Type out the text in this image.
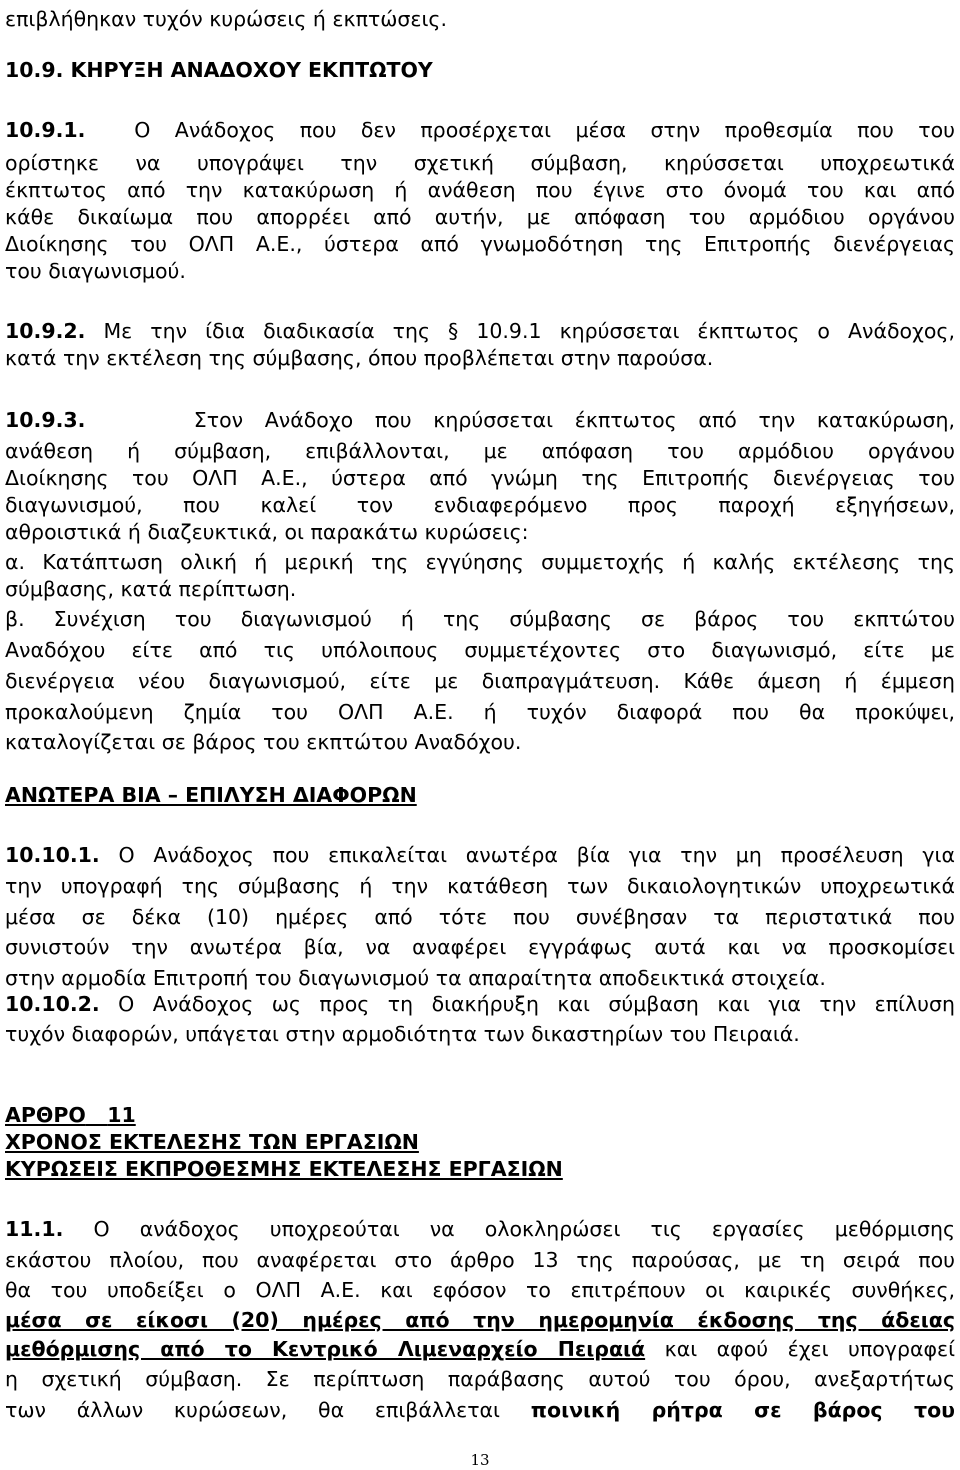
επιβλήθηκαν τυχόν κυρώσεις ή εκπτώσεις.
10.9. ΚΗΡΥΞΗ ΑΝΑΔΟΧΟΥ ΕΚΠΤΩΤΟΥ
10.9.1. Ο Ανάδοχος που δεν προσέρχεται μέσα στην προθεσμία που του
ορίστηκε να υπογράψει την σχετική σύμβαση, κηρύσσεται υποχρεωτικά
έκπτωτος από την κατακύρωση ή ανάθεση που έγινε στο όνομά του και από
κάθε δικαίωμα που απορρέει από αυτήν, με απόφαση του αρμόδιου οργάνου
Διοίκησης του ΟΛΠ Α.Ε., ύστερα από γνωμοδότηση της Επιτροπής διενέργειας
του διαγωνισμού.
10.9.2. Με την ίδια διαδικασία της § 10.9.1 κηρύσσεται έκπτωτος ο Ανάδοχος,
κατά την εκτέλεση της σύμβασης, όπου προβλέπεται στην παρούσα.
10.9.3.	Στον Ανάδοχο που κηρύσσεται έκπτωτος από την κατακύρωση,
ανάθεση ή σύμβαση, επιβάλλονται, με απόφαση του αρμόδιου οργάνου
Διοίκησης του ΟΛΠ Α.Ε., ύστερα από γνώμη της Επιτροπής διενέργειας του
διαγωνισμού, που καλεί τον ενδιαφερόμενο προς παροχή εξηγήσεων,
αθροιστικά ή διαζευκτικά, οι παρακάτω κυρώσεις:
α. Κατάπτωση ολική ή μερική της εγγύησης συμμετοχής ή καλής εκτέλεσης της
σύμβασης, κατά περίπτωση.
β. Συνέχιση του διαγωνισμού ή της σύμβασης σε βάρος του εκπτώτου
Αναδόχου είτε από τις υπόλοιπους συμμετέχοντες στο διαγωνισμό, είτε με
διενέργεια νέου διαγωνισμού, είτε με διαπραγμάτευση. Κάθε άμεση ή έμμεση
προκαλούμενη ζημία του ΟΛΠ Α.Ε. ή τυχόν διαφορά που θα προκύψει,
καταλογίζεται σε βάρος του εκπτώτου Αναδόχου.
ΑΝΩΤΕΡΑ ΒΙΑ – ΕΠΙΛΥΣΗ ΔΙΑΦΟΡΩΝ
10.10.1. Ο Ανάδοχος που επικαλείται ανωτέρα βία για την μη προσέλευση για
την υπογραφή της σύμβασης ή την κατάθεση των δικαιολογητικών υποχρεωτικά
μέσα σε δέκα (10) ημέρες από τότε που συνέβησαν τα περιστατικά που
συνιστούν την ανωτέρα βία, να αναφέρει εγγράφως αυτά και να προσκομίσει
στην αρμοδία Επιτροπή του διαγωνισμού τα απαραίτητα αποδεικτικά στοιχεία.
10.10.2. Ο Ανάδοχος ως προς τη διακήρυξη και σύμβαση και για την επίλυση
τυχόν διαφορών, υπάγεται στην αρμοδιότητα των δικαστηρίων του Πειραιά.
ΑΡΘΡΟ 11
ΧΡΟΝΟΣ ΕΚΤΕΛΕΣΗΣ ΤΩΝ ΕΡΓΑΣΙΩΝ
ΚΥΡΩΣΕΙΣ ΕΚΠΡΟΘΕΣΜΗΣ ΕΚΤΕΛΕΣΗΣ ΕΡΓΑΣΙΩΝ
11.1. Ο ανάδοχος υποχρεούται να ολοκληρώσει τις εργασίες μεθόρμισης
εκάστου πλοίου, που αναφέρεται στο άρθρο 13 της παρούσας, με τη σειρά που
θα του υποδείξει ο ΟΛΠ Α.Ε. και εφόσον το επιτρέπουν οι καιρικές συνθήκες,
μέσα σε είκοσι (20) ημέρες από την ημερομηνία έκδοσης της άδειας
μεθόρμισης από το Κεντρικό Λιμεναρχείο Πειραιά και αφού έχει υπογραφεί
η σχετική σύμβαση. Σε περίπτωση παράβασης αυτού του όρου, ανεξαρτήτως
των άλλων κυρώσεων, θα επιβάλλεται ποινική ρήτρα σε βάρος του
13
